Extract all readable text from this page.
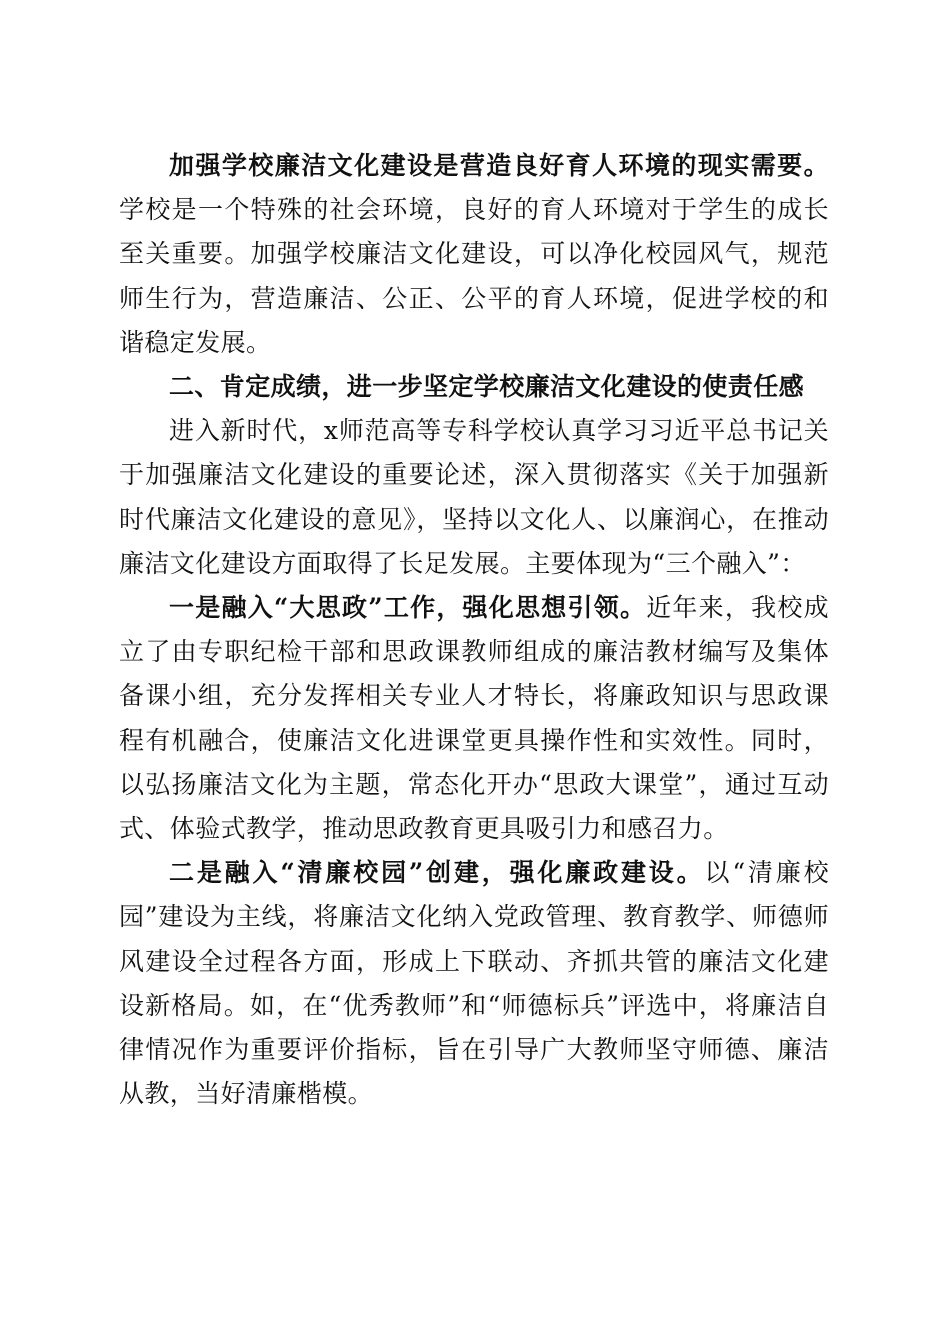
加强学校廉洁文化建设是营造良好育人环境的现实需要。学校是一个特殊的社会环境，良好的育人环境对于学生的成长至关重要。加强学校廉洁文化建设，可以净化校园风气，规范师生行为，营造廉洁、公正、公平的育人环境，促进学校的和谐稳定发展。

二、肯定成绩，进一步坚定学校廉洁文化建设的使责任感

进入新时代，x师范高等专科学校认真学习习近平总书记关于加强廉洁文化建设的重要论述，深入贯彻落实《关于加强新时代廉洁文化建设的意见》，坚持以文化人、以廉润心，在推动廉洁文化建设方面取得了长足发展。主要体现为“三个融入”：

一是融入“大思政”工作，强化思想引领。近年来，我校成立了由专职纪检干部和思政课教师组成的廉洁教材编写及集体备课小组，充分发挥相关专业人才特长，将廉政知识与思政课程有机融合，使廉洁文化进课堂更具操作性和实效性。同时，以弘扬廉洁文化为主题，常态化开办“思政大课堂”，通过互动式、体验式教学，推动思政教育更具吸引力和感召力。

二是融入“清廉校园”创建，强化廉政建设。以“清廉校园”建设为主线，将廉洁文化纳入党政管理、教育教学、师德师风建设全过程各方面，形成上下联动、齐抓共管的廉洁文化建设新格局。如，在“优秀教师”和“师德标兵”评选中，将廉洁自律情况作为重要评价指标，旨在引导广大教师坚守师德、廉洁从教，当好清廉楷模。
